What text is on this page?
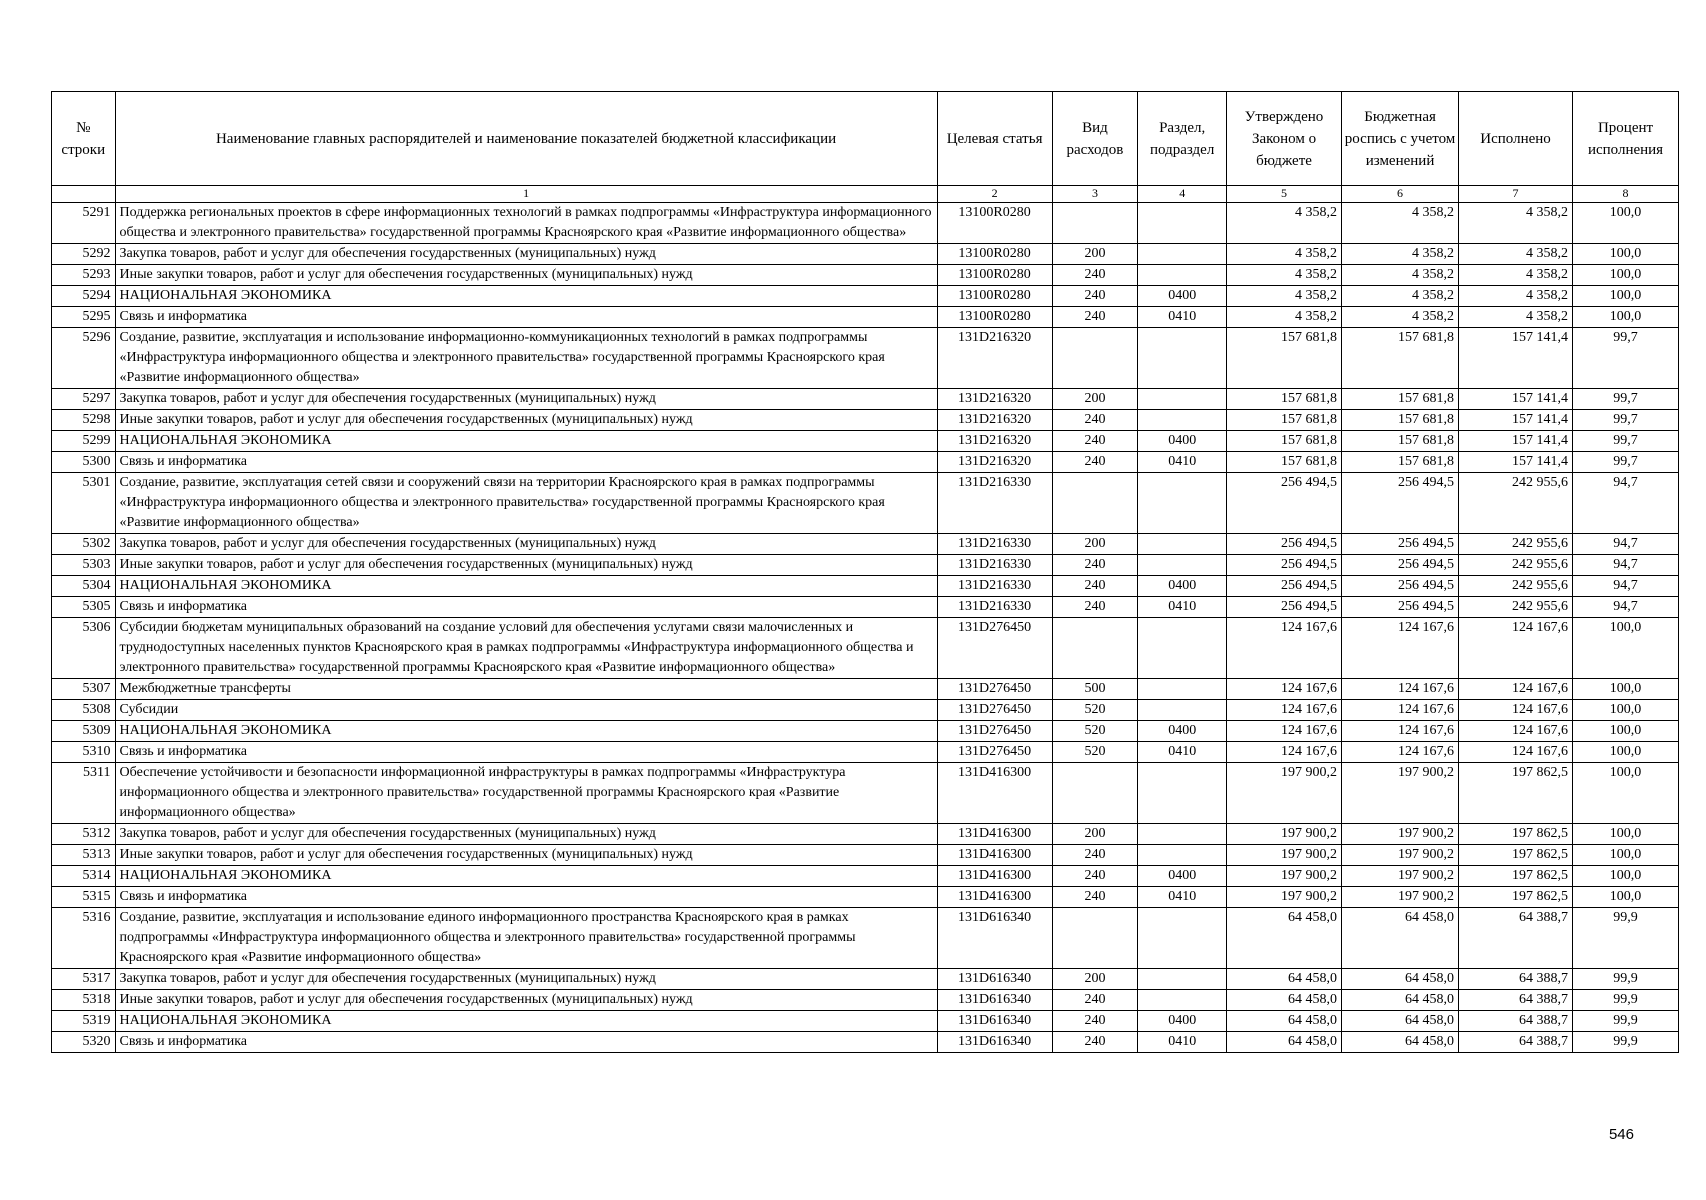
№ строки	Наименование главных распорядителей и наименование показателей бюджетной классификации	Целевая статья	Вид расходов	Раздел, подраздел	Утверждено Законом о бюджете	Бюджетная роспись с учетом изменений	Исполнено	Процент исполнения
	1	2	3	4	5	6	7	8
5291	Поддержка региональных проектов в сфере информационных технологий в рамках подпрограммы «Инфраструктура информационного общества и электронного правительства» государственной программы Красноярского края «Развитие информационного общества»	13100R0280			4 358,2	4 358,2	4 358,2	100,0
5292	Закупка товаров, работ и услуг для обеспечения государственных (муниципальных) нужд	13100R0280	200		4 358,2	4 358,2	4 358,2	100,0
5293	Иные закупки товаров, работ и услуг для обеспечения государственных (муниципальных) нужд	13100R0280	240		4 358,2	4 358,2	4 358,2	100,0
5294	НАЦИОНАЛЬНАЯ ЭКОНОМИКА	13100R0280	240	0400	4 358,2	4 358,2	4 358,2	100,0
5295	Связь и информатика	13100R0280	240	0410	4 358,2	4 358,2	4 358,2	100,0
5296	Создание, развитие, эксплуатация и использование информационно-коммуникационных технологий в рамках подпрограммы «Инфраструктура информационного общества и электронного правительства» государственной программы Красноярского края «Развитие информационного общества»	131D216320			157 681,8	157 681,8	157 141,4	99,7
5297	Закупка товаров, работ и услуг для обеспечения государственных (муниципальных) нужд	131D216320	200		157 681,8	157 681,8	157 141,4	99,7
5298	Иные закупки товаров, работ и услуг для обеспечения государственных (муниципальных) нужд	131D216320	240		157 681,8	157 681,8	157 141,4	99,7
5299	НАЦИОНАЛЬНАЯ ЭКОНОМИКА	131D216320	240	0400	157 681,8	157 681,8	157 141,4	99,7
5300	Связь и информатика	131D216320	240	0410	157 681,8	157 681,8	157 141,4	99,7
5301	Создание, развитие, эксплуатация сетей связи и сооружений связи на территории Красноярского края в рамках подпрограммы «Инфраструктура информационного общества и электронного правительства» государственной программы Красноярского края «Развитие информационного общества»	131D216330			256 494,5	256 494,5	242 955,6	94,7
5302	Закупка товаров, работ и услуг для обеспечения государственных (муниципальных) нужд	131D216330	200		256 494,5	256 494,5	242 955,6	94,7
5303	Иные закупки товаров, работ и услуг для обеспечения государственных (муниципальных) нужд	131D216330	240		256 494,5	256 494,5	242 955,6	94,7
5304	НАЦИОНАЛЬНАЯ ЭКОНОМИКА	131D216330	240	0400	256 494,5	256 494,5	242 955,6	94,7
5305	Связь и информатика	131D216330	240	0410	256 494,5	256 494,5	242 955,6	94,7
5306	Субсидии бюджетам муниципальных образований на создание условий для обеспечения услугами связи малочисленных и труднодоступных населенных пунктов Красноярского края в рамках подпрограммы «Инфраструктура информационного общества и электронного правительства» государственной программы Красноярского края «Развитие информационного общества»	131D276450			124 167,6	124 167,6	124 167,6	100,0
5307	Межбюджетные трансферты	131D276450	500		124 167,6	124 167,6	124 167,6	100,0
5308	Субсидии	131D276450	520		124 167,6	124 167,6	124 167,6	100,0
5309	НАЦИОНАЛЬНАЯ ЭКОНОМИКА	131D276450	520	0400	124 167,6	124 167,6	124 167,6	100,0
5310	Связь и информатика	131D276450	520	0410	124 167,6	124 167,6	124 167,6	100,0
5311	Обеспечение устойчивости и безопасности информационной инфраструктуры в рамках подпрограммы «Инфраструктура информационного общества и электронного правительства» государственной программы Красноярского края «Развитие информационного общества»	131D416300			197 900,2	197 900,2	197 862,5	100,0
5312	Закупка товаров, работ и услуг для обеспечения государственных (муниципальных) нужд	131D416300	200		197 900,2	197 900,2	197 862,5	100,0
5313	Иные закупки товаров, работ и услуг для обеспечения государственных (муниципальных) нужд	131D416300	240		197 900,2	197 900,2	197 862,5	100,0
5314	НАЦИОНАЛЬНАЯ ЭКОНОМИКА	131D416300	240	0400	197 900,2	197 900,2	197 862,5	100,0
5315	Связь и информатика	131D416300	240	0410	197 900,2	197 900,2	197 862,5	100,0
5316	Создание, развитие, эксплуатация и использование единого информационного пространства Красноярского края в рамках подпрограммы «Инфраструктура информационного общества и электронного правительства» государственной программы Красноярского края «Развитие информационного общества»	131D616340			64 458,0	64 458,0	64 388,7	99,9
5317	Закупка товаров, работ и услуг для обеспечения государственных (муниципальных) нужд	131D616340	200		64 458,0	64 458,0	64 388,7	99,9
5318	Иные закупки товаров, работ и услуг для обеспечения государственных (муниципальных) нужд	131D616340	240		64 458,0	64 458,0	64 388,7	99,9
5319	НАЦИОНАЛЬНАЯ ЭКОНОМИКА	131D616340	240	0400	64 458,0	64 458,0	64 388,7	99,9
5320	Связь и информатика	131D616340	240	0410	64 458,0	64 458,0	64 388,7	99,9
546
